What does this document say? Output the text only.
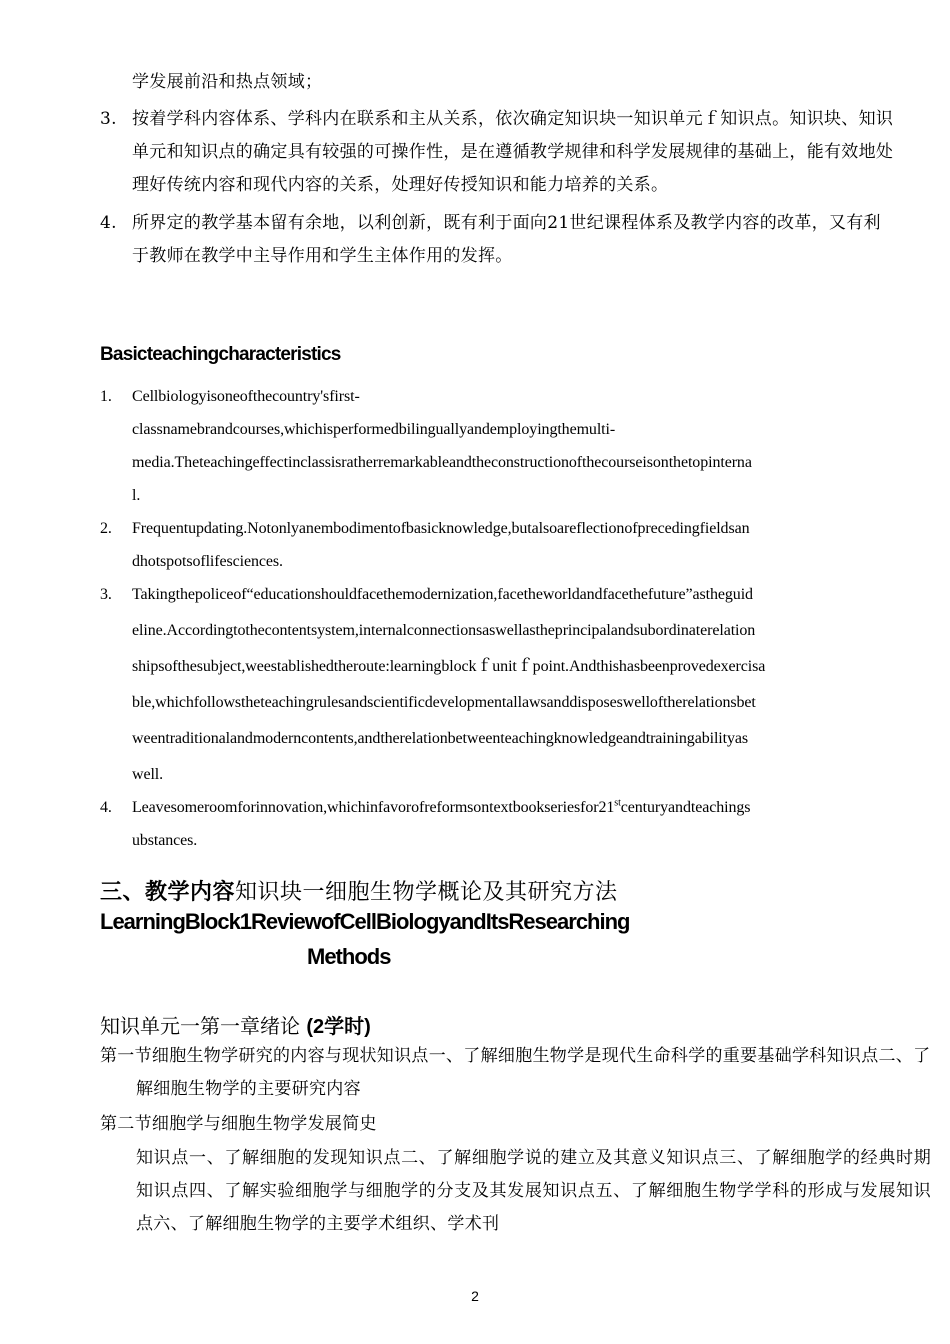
学发展前沿和热点领域；
3. 按着学科内容体系、学科内在联系和主从关系，依次确定知识块一知识单元ｆ知识点。知识块、知识单元和知识点的确定具有较强的可操作性，是在遵循教学规律和科学发展规律的基础上，能有效地处理好传统内容和现代内容的关系，处理好传授知识和能力培养的关系。
4. 所界定的教学基本留有余地，以利创新，既有利于面向21世纪课程体系及教学内容的改革，又有利于教师在教学中主导作用和学生主体作用的发挥。
Basicteachingcharacteristics
1. Cellbiologyisoneofthecountry'sfirst-
classnamebrandcourses,whichisperformedbilinguallyandemployingthemulti-
media.Theteachingeffectinclassisratherremarkableandtheconstructionofthecourseisonthetopinterna
l.
2. Frequentupdating.Notonlyanembodimentofbasicknowledge,butalsoareflectionofprecedingfieldsan
dhotspotsoflifesciences.
3. Takingthepoliceof“educationshouldfacethemodernization,facetheworldandfacethefuture”astheguid
eline.Accordingtothecontentsystem,internalconnectionsaswellastheprincipalandsubordinaterelation
shipsofthesubject,weestablishedtheroute:learningblockｆunitｆpoint.Andthishasbeenprovedexercisa
ble,whichfollowstheteachingrulesandscientificdevelopmentallawsanddisposeswelloftherelationsbet
weentraditionalandmoderncontents,andtherelationbetweenteachingknowledgeandtrainingabilityas
well.
4. Leavesomeroomforinnovation,whichinfavorofreformsontextbookseriesfor21stcenturyandteachings
ubstances.
三、教学内容知识块一细胞生物学概论及其研究方法
LearningBlock1ReviewofCellBiologyandItsResearching
Methods
知识单元一第一章绪论 (2学时)
第一节细胞生物学研究的内容与现状知识点一、了解细胞生物学是现代生命科学的重要基础学科知识点二、了解细胞生物学的主要研究内容
第二节细胞学与细胞生物学发展简史
知识点一、了解细胞的发现知识点二、了解细胞学说的建立及其意义知识点三、了解细胞学的经典时期知识点四、了解实验细胞学与细胞学的分支及其发展知识点五、了解细胞生物学学科的形成与发展知识点六、了解细胞生物学的主要学术组织、学术刊
2
